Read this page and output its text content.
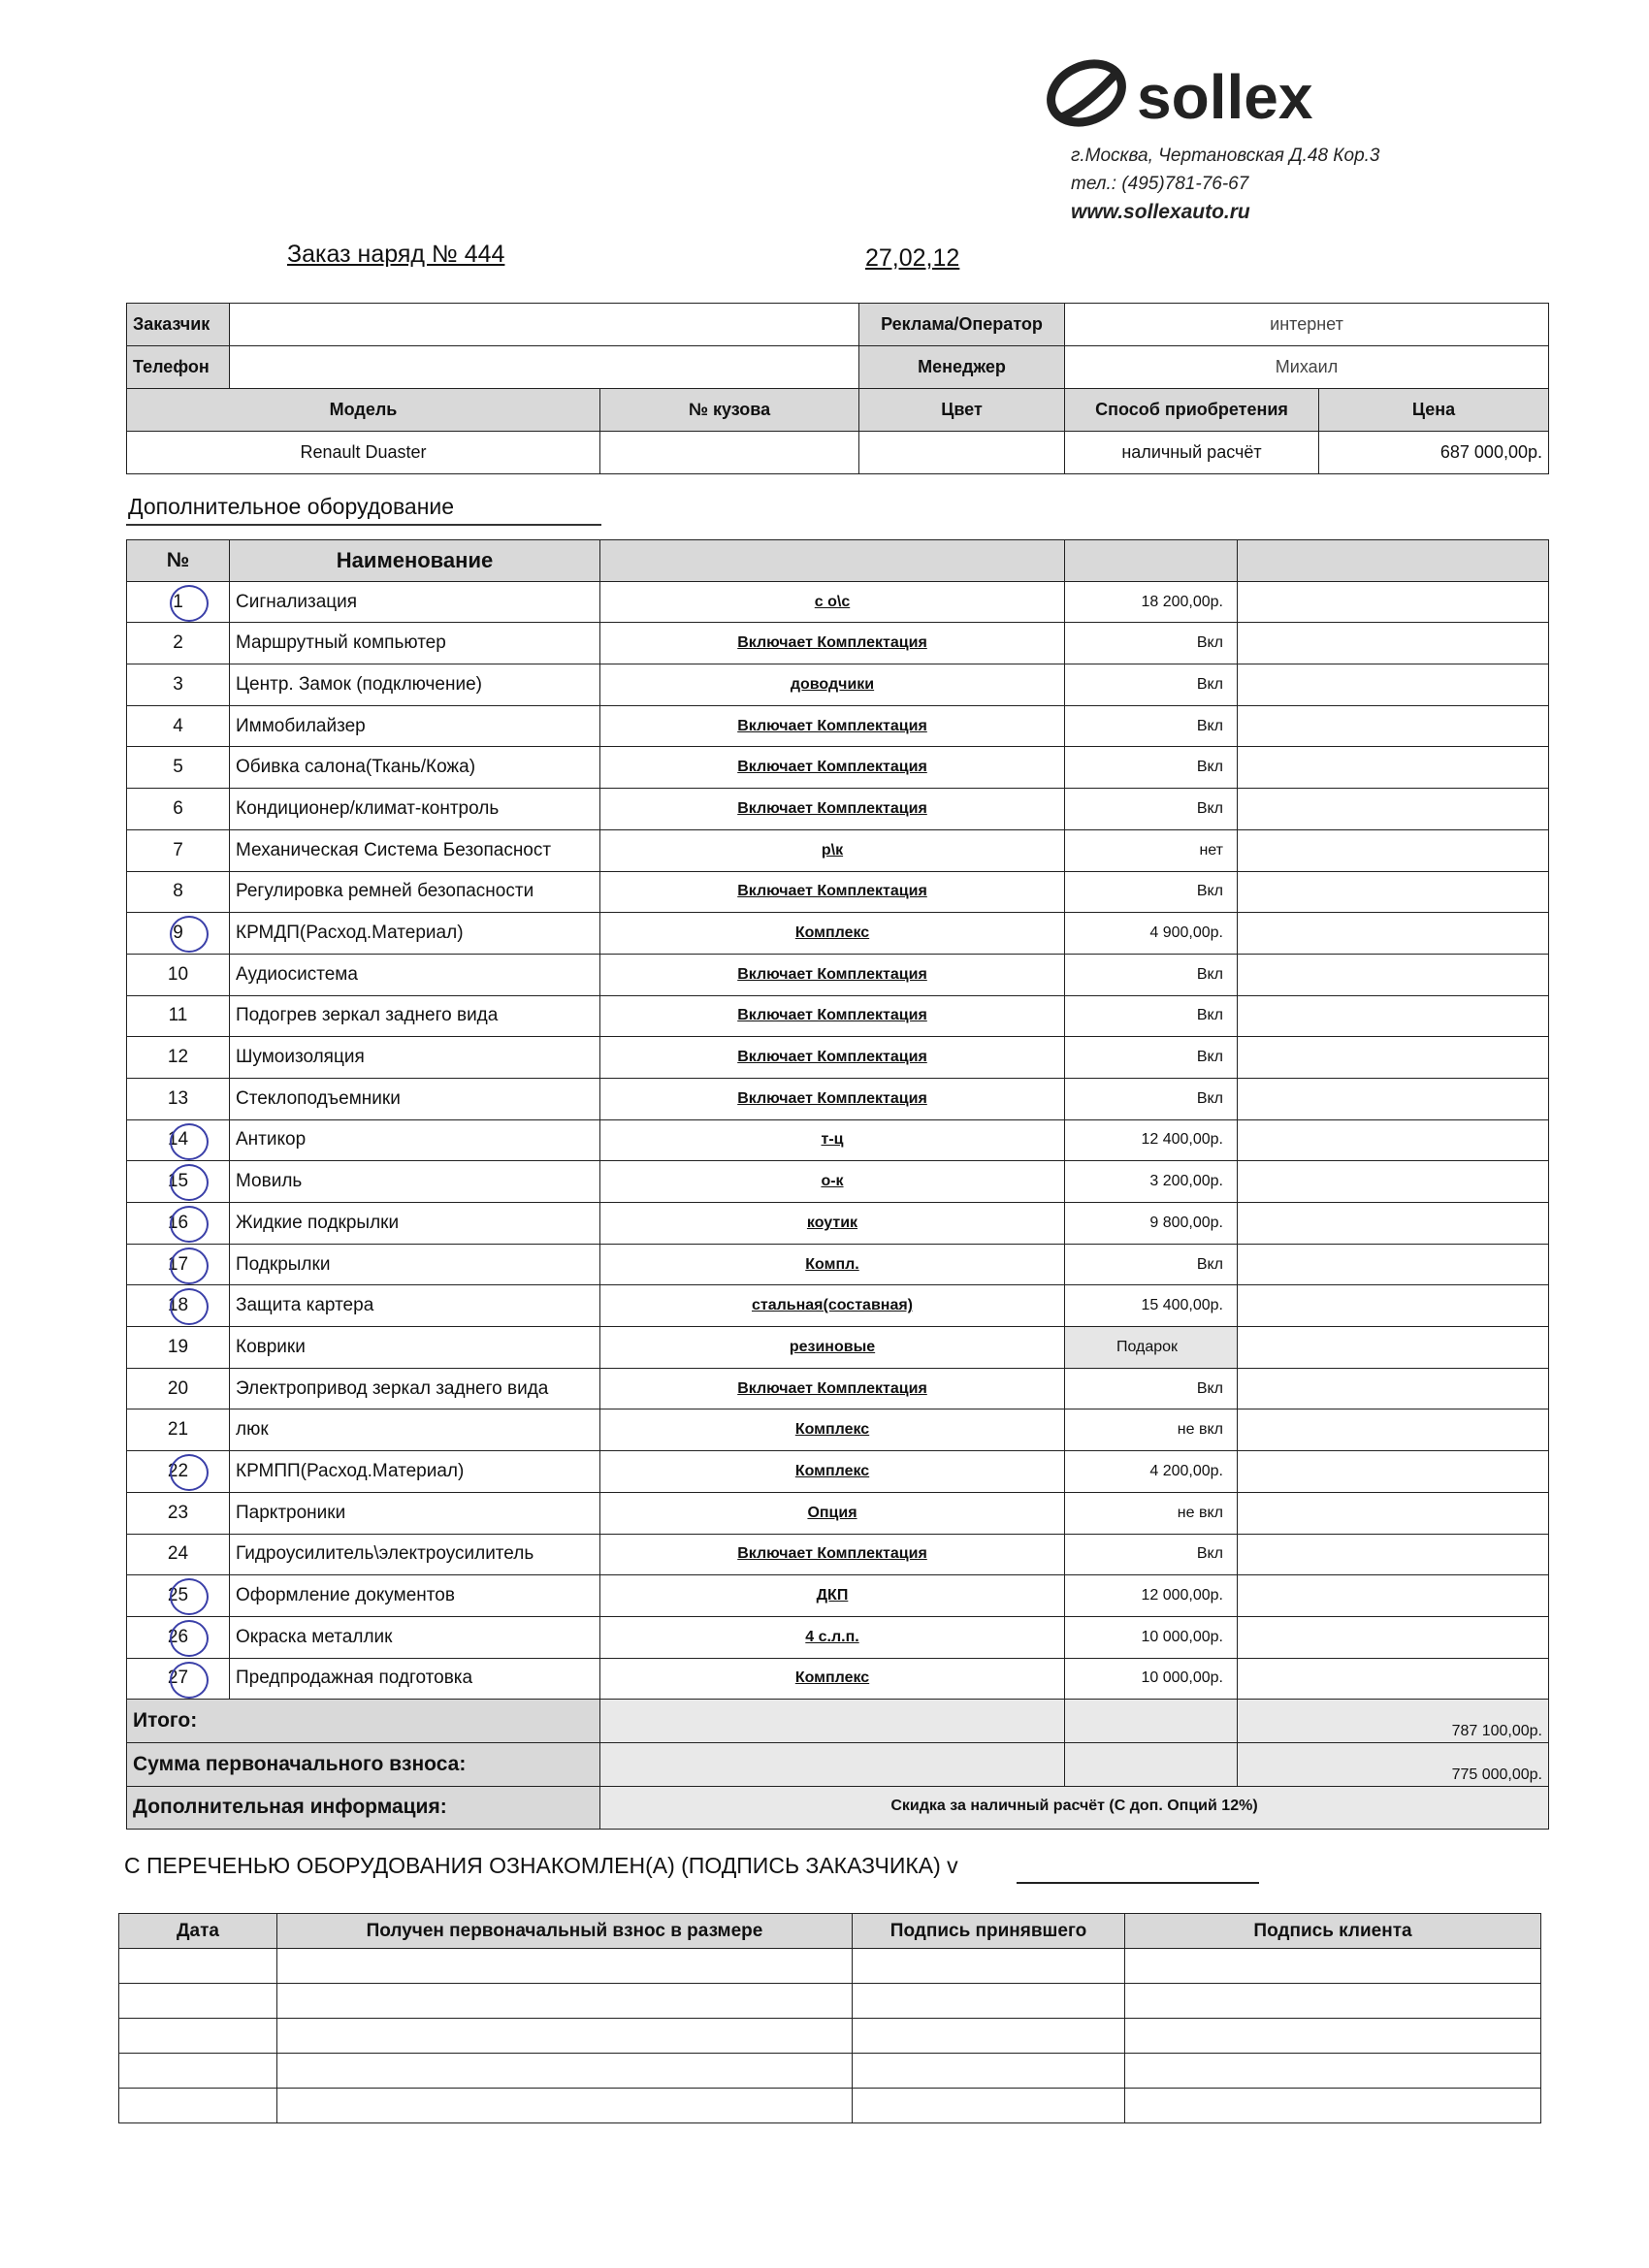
sollex
г.Москва, Чертановская Д.48 Кор.3
тел.: (495)781-76-67
www.sollexauto.ru
Заказ наряд № 444	27,02,12
Заказчик			Реклама/Оператор	интернет	
Телефон			Менеджер	Михаил	
Модель		№ кузова	Цвет	Способ приобретения	Цена
Renault Duaster				наличный расчёт	687 000,00р.
Дополнительное оборудование
№	Наименование			

1	Сигнализация	с о\с	18 200,00р.	
2	Маршрутный компьютер	Включает Комплектация	Вкл	
3	Центр. Замок (подключение)	доводчики	Вкл	
4	Иммобилайзер	Включает Комплектация	Вкл	
5	Обивка салона(Ткань/Кожа)	Включает Комплектация	Вкл	
6	Кондиционер/климат-контроль	Включает Комплектация	Вкл	
7	Механическая Система Безопасност	р\к	нет	
8	Регулировка ремней безопасности	Включает Комплектация	Вкл	

9	КРМДП(Расход.Материал)	Комплекс	4 900,00р.	
10	Аудиосистема	Включает Комплектация	Вкл	
11	Подогрев зеркал заднего вида	Включает Комплектация	Вкл	
12	Шумоизоляция	Включает Комплектация	Вкл	
13	Стеклоподъемники	Включает Комплектация	Вкл	

14	Антикор	т-ц	12 400,00р.	

15	Мовиль	о-к	3 200,00р.	

16	Жидкие подкрылки	коутик	9 800,00р.	

17	Подкрылки	Компл.	Вкл	

18	Защита картера	стальная(составная)	15 400,00р.	
19	Коврики	резиновые	Подарок	
20	Электропривод зеркал заднего вида	Включает Комплектация	Вкл	
21	люк	Комплекс	не вкл	

22	КРМПП(Расход.Материал)	Комплекс	4 200,00р.	
23	Парктроники	Опция	не вкл	
24	Гидроусилитель\электроусилитель	Включает Комплектация	Вкл	

25	Оформление документов	ДКП	12 000,00р.	

26	Окраска металлик	4 с.л.п.	10 000,00р.	

27	Предпродажная подготовка	Комплекс	10 000,00р.	
Итого:				787 100,00р.
Сумма первоначального взноса:				775 000,00р.
Дополнительная информация:		Скидка за наличный расчёт (С доп. Опций 12%)		
С ПЕРЕЧЕНЬЮ ОБОРУДОВАНИЯ ОЗНАКОМЛЕН(А) (ПОДПИСЬ ЗАКАЗЧИКА) v
Дата	Получен первоначальный взнос в размере	Подпись принявшего	Подпись клиента
